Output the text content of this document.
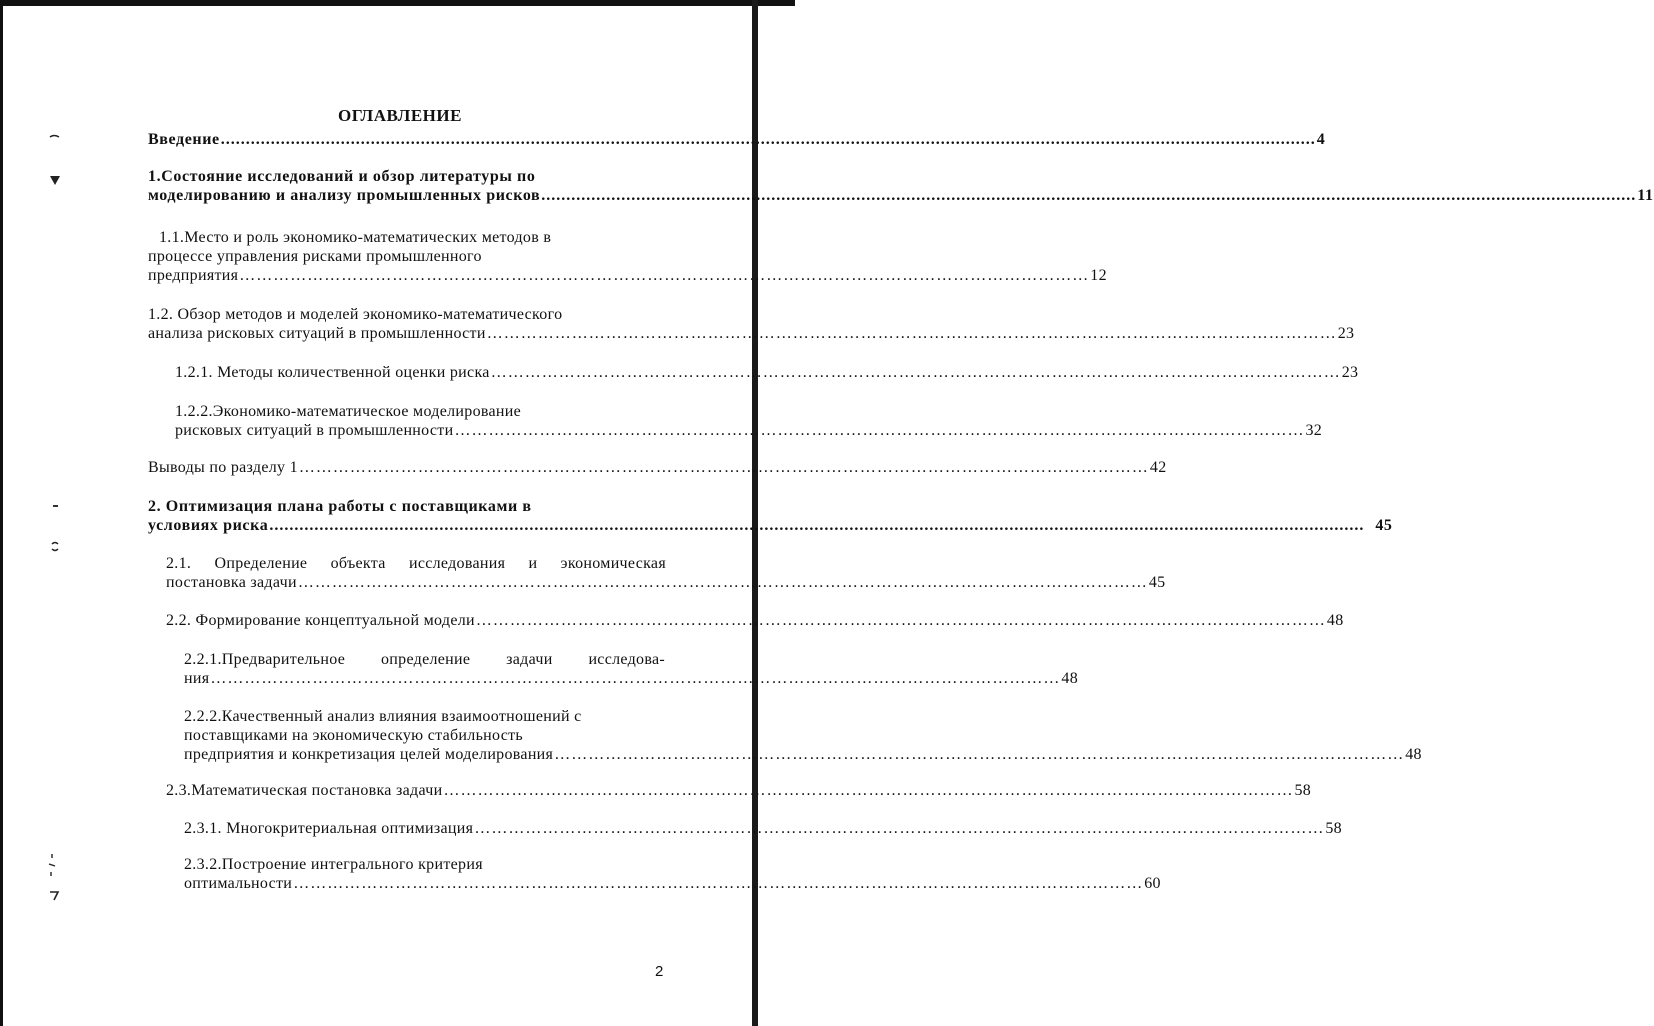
ОГЛАВЛЕНИЕ
Введение .....	4
1.Состояние исследований и обзор литературы по
моделированию и анализу промышленных рисков .....	11
1.1.Место и роль экономико-математических методов в
процессе управления рисками промышленного
предприятия ……………………………………………………………………………………………………………………………………	12
1.2. Обзор методов и моделей экономико-математического
анализа рисковых ситуаций в промышленности ……………………………………………………………………………………………………………………………………	23
1.2.1. Методы количественной оценки риска ……………………………………………………………………………………………………………………………………	23
1.2.2.Экономико-математическое моделирование
рисковых ситуаций в промышленности ……………………………………………………………………………………………………………………………………	32
Выводы по разделу 1 ……………………………………………………………………………………………………………………………………	42
2. Оптимизация плана работы с поставщиками в
условиях риска .....	45
2.1. Определение объекта исследования и экономическая
постановка задачи ……………………………………………………………………………………………………………………………………	45
2.2. Формирование концептуальной модели ……………………………………………………………………………………………………………………………………	48
2.2.1.Предварительное определение задачи исследова-
ния ……………………………………………………………………………………………………………………………………	48
2.2.2.Качественный анализ влияния взаимоотношений с
поставщиками на экономическую стабильность
предприятия и конкретизация целей моделирования ……………………………………………………………………………………………………………………………………	48
2.3.Математическая постановка задачи ……………………………………………………………………………………………………………………………………	58
2.3.1. Многокритериальная оптимизация ……………………………………………………………………………………………………………………………………	58
2.3.2.Построение интегрального критерия
оптимальности ……………………………………………………………………………………………………………………………………	60
2
